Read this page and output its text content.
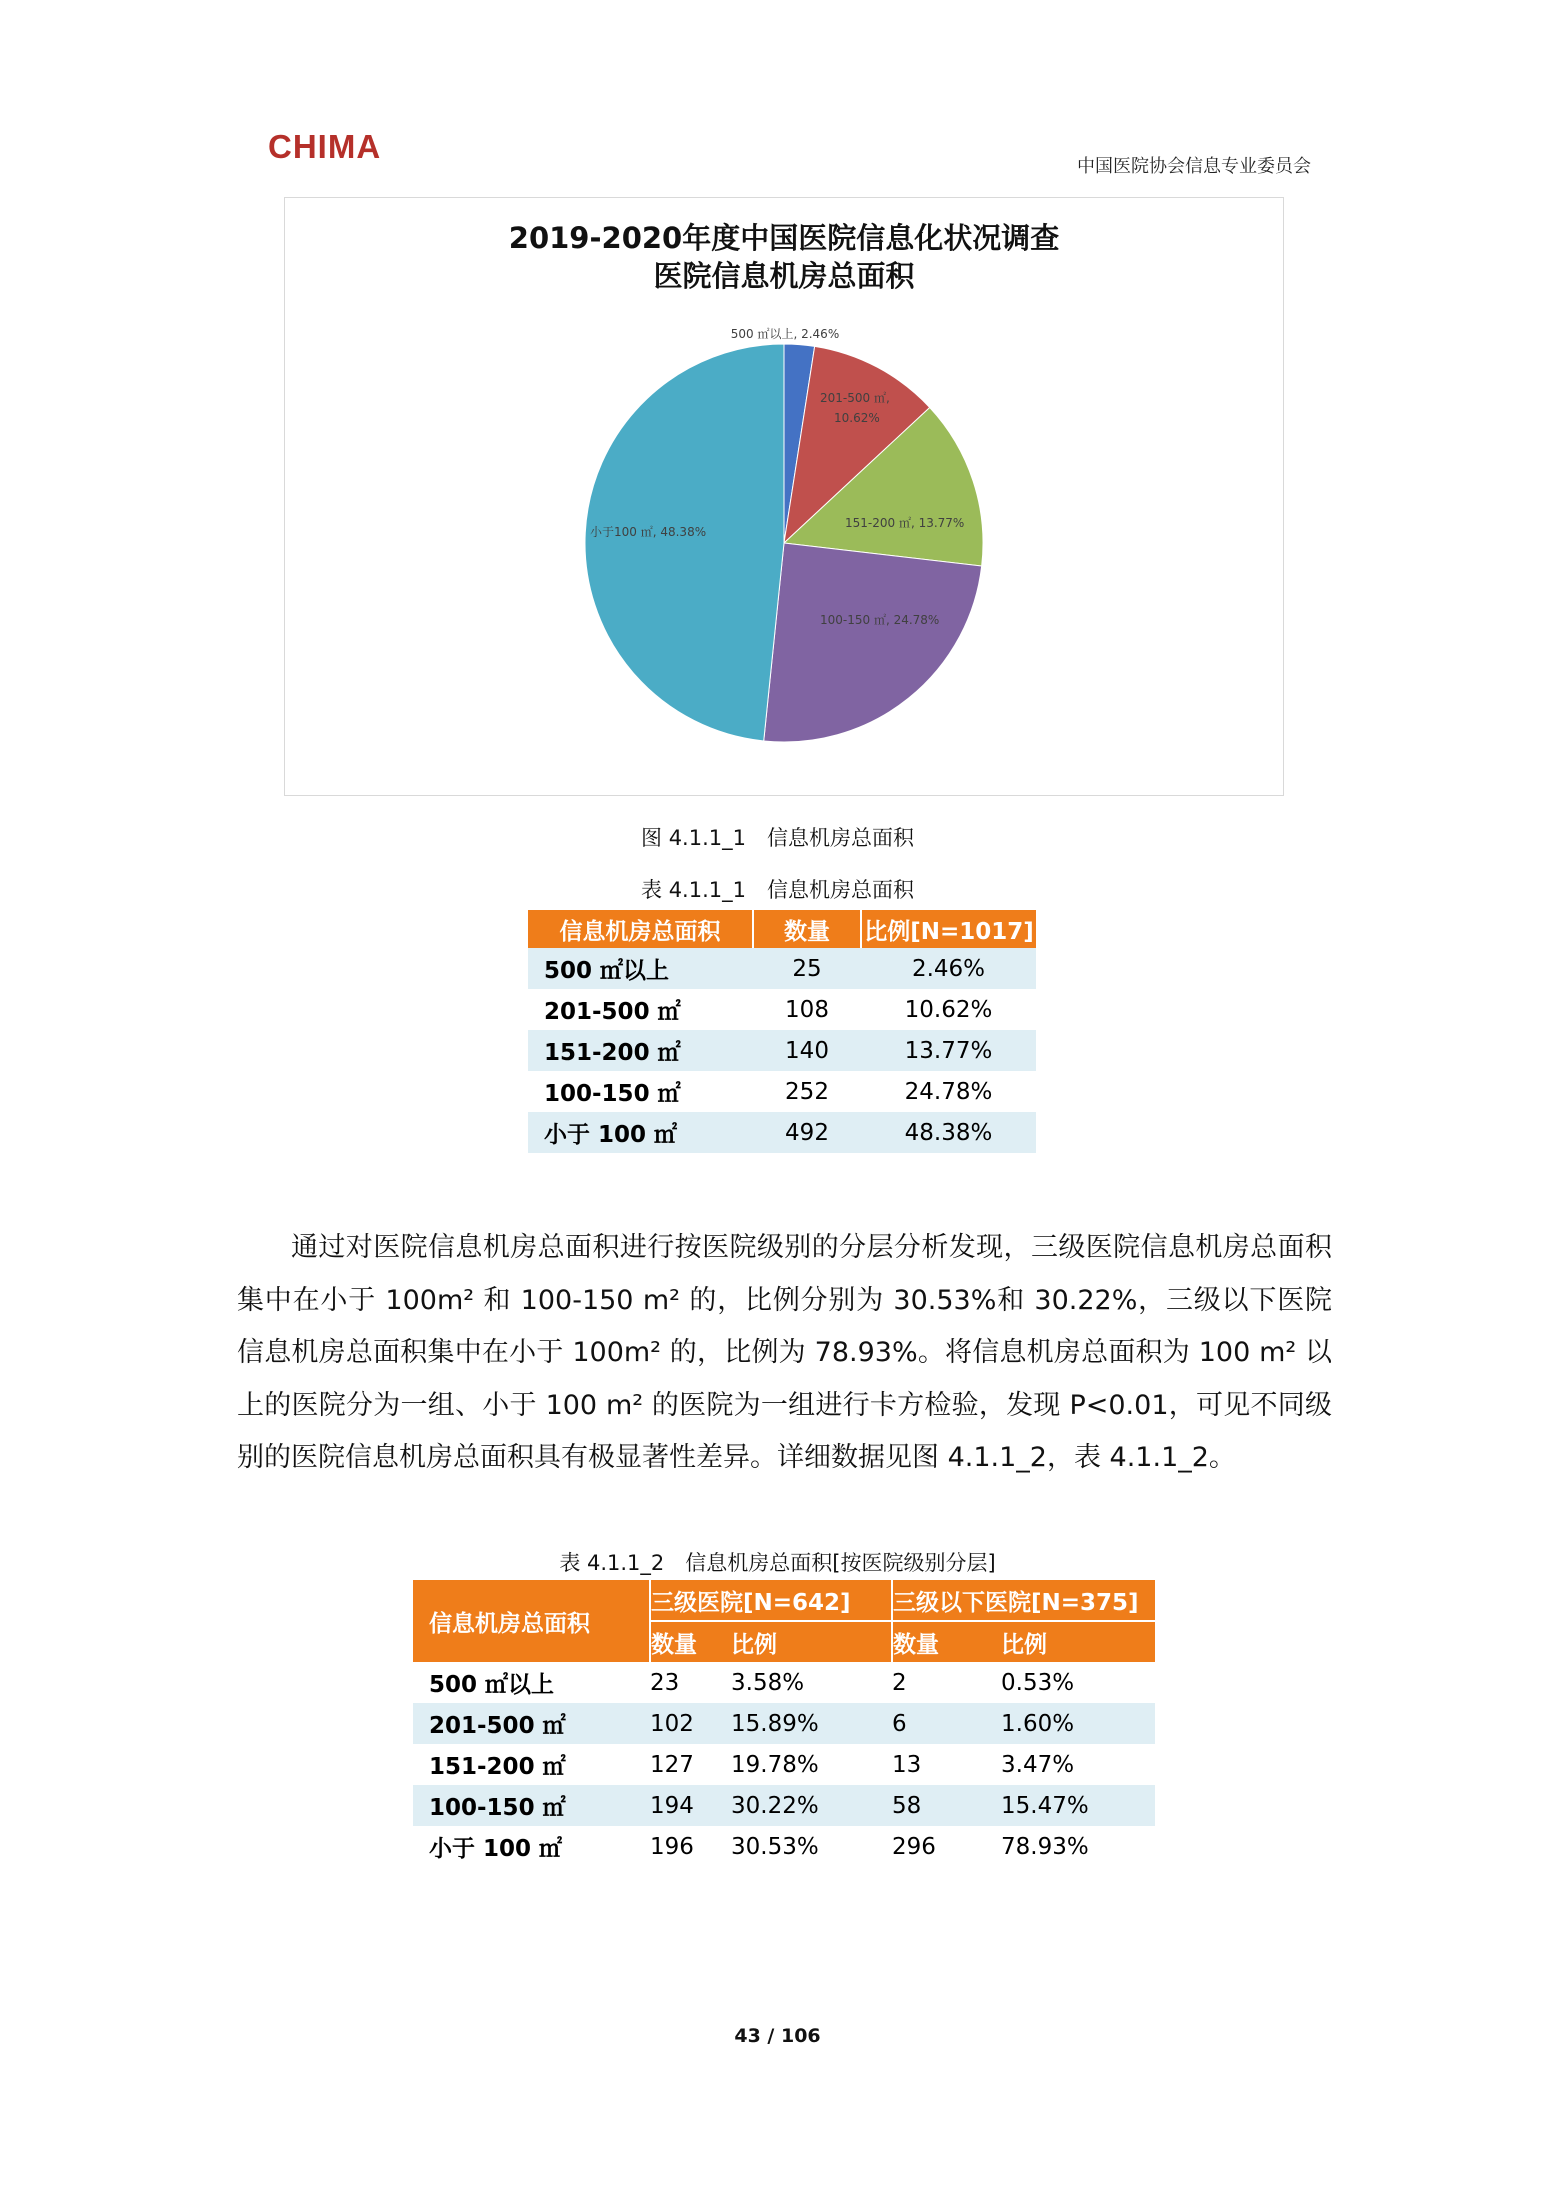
CHIMA
中国医院协会信息专业委员会
2019-2020年度中国医院信息化状况调查
医院信息机房总面积
500 ㎡以上, 2.46%
201-500 ㎡,
10.62%
151-200 ㎡, 13.77%
100-150 ㎡, 24.78%
小于100 ㎡, 48.38%
图 4.1.1_1　信息机房总面积
表 4.1.1_1　信息机房总面积
信息机房总面积	数量	比例[N=1017]
500 ㎡以上	25	2.46%
201-500 ㎡	108	10.62%
151-200 ㎡	140	13.77%
100-150 ㎡	252	24.78%
小于 100 ㎡	492	48.38%

通过对医院信息机房总面积进行按医院级别的分层分析发现，三级医院信息机房总面积集中在小于 100m² 和 100-150 m² 的，比例分别为 30.53%和 30.22%，三级以下医院信息机房总面积集中在小于 100m² 的，比例为 78.93%。将信息机房总面积为 100 m² 以上的医院分为一组、小于 100 m² 的医院为一组进行卡方检验，发现 P<0.01，可见不同级别的医院信息机房总面积具有极显著性差异。详细数据见图 4.1.1_2，表 4.1.1_2。

表 4.1.1_2　信息机房总面积[按医院级别分层]
信息机房总面积	三级医院[N=642]		三级以下医院[N=375]	
	数量	比例	数量	比例
500 ㎡以上	23	3.58%	2	0.53%
201-500 ㎡	102	15.89%	6	1.60%
151-200 ㎡	127	19.78%	13	3.47%
100-150 ㎡	194	30.22%	58	15.47%
小于 100 ㎡	196	30.53%	296	78.93%
43 / 106
